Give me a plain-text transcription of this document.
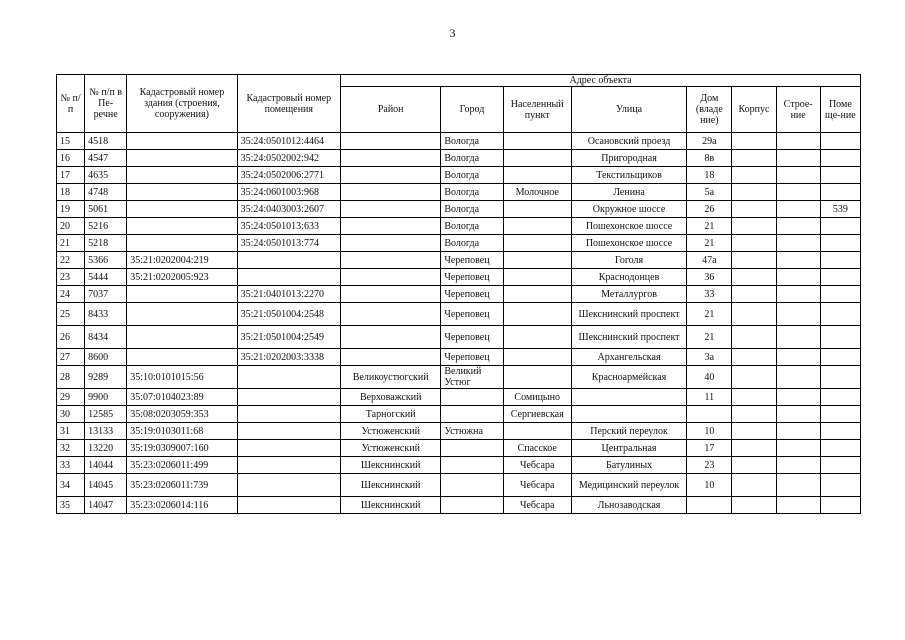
3
№ п/п	№ п/п в Пе-речне	Кадастровый номер здания (строения, сооружения)	Кадастровый номер помещения	Адрес объекта							
				Район	Город	Населенный пункт	Улица	Дом (владе ние)	Корпус	Строе-ние	Поме ще-ние
15	4518		35:24:0501012:4464		Вологда		Осановский проезд	29а			
16	4547		35:24:0502002:942		Вологда		Пригородная	8в			
17	4635		35:24:0502006:2771		Вологда		Текстильщиков	18			
18	4748		35:24:0601003:968		Вологда	Молочное	Ленина	5а			
19	5061		35:24:0403003:2607		Вологда		Окружное шоссе	26			539
20	5216		35:24:0501013:633		Вологда		Пошехонское шоссе	21			
21	5218		35:24:0501013:774		Вологда		Пошехонское шоссе	21			
22	5366	35:21:0202004:219			Череповец		Гоголя	47а			
23	5444	35:21:0202005:923			Череповец		Краснодонцев	36			
24	7037		35:21:0401013:2270		Череповец		Металлургов	33			
25	8433		35:21:0501004:2548		Череповец		Шекснинский проспект	21			
26	8434		35:21:0501004:2549		Череповец		Шекснинский проспект	21			
27	8600		35:21:0202003:3338		Череповец		Архангельская	3а			
28	9289	35:10:0101015:56		Великоустюгский	Великий Устюг		Красноармейская	40			
29	9900	35:07:0104023:89		Верховажский		Сомицыно		11			
30	12585	35:08:0203059:353		Тарногский		Сергиевская					
31	13133	35:19:0103011:68		Устюженский	Устюжна		Перский переулок	10			
32	13220	35:19:0309007:160		Устюженский		Спасское	Центральная	17			
33	14044	35:23:0206011:499		Шекснинский		Чебсара	Батулиных	23			
34	14045	35:23:0206011:739		Шекснинский		Чебсара	Медицинский переулок	10			
35	14047	35:23:0206014:116		Шекснинский		Чебсара	Льнозаводская				
